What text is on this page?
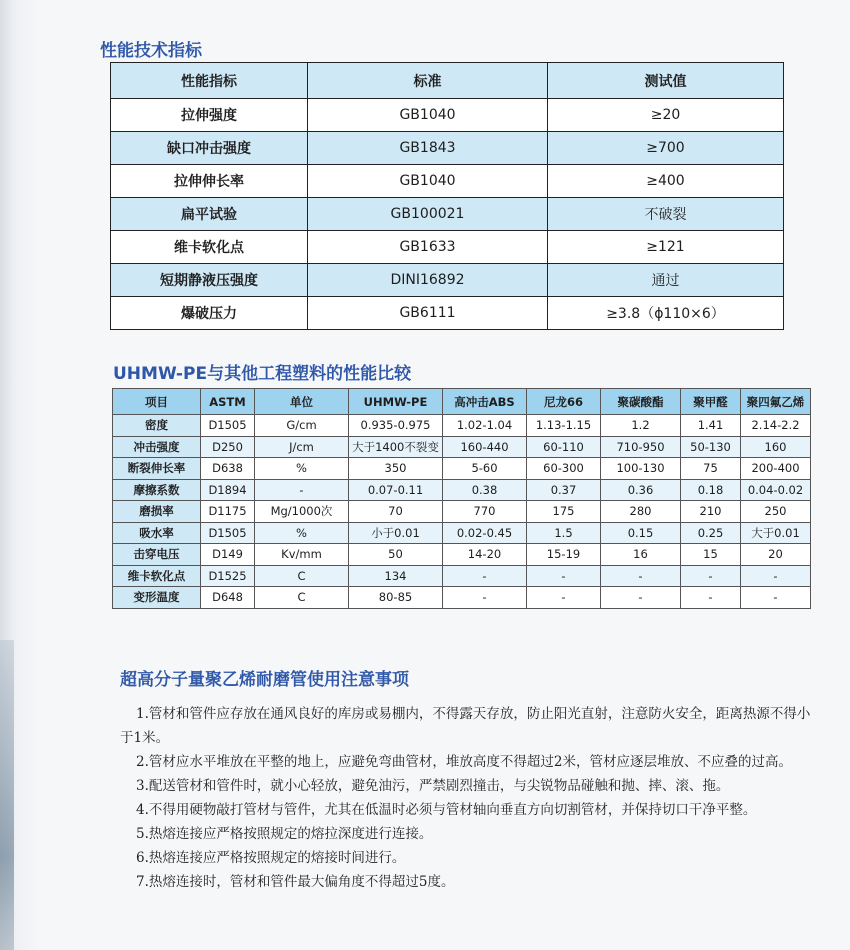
性能技术指标
性能指标	标准	测试值
拉伸强度	GB1040	≥20
缺口冲击强度	GB1843	≥700
拉伸伸长率	GB1040	≥400
扁平试验	GB100021	不破裂
维卡软化点	GB1633	≥121
短期静液压强度	DINI16892	通过
爆破压力	GB6111	≥3.8（ϕ110×6）
UHMW-PE与其他工程塑料的性能比较
项目	ASTM	单位	UHMW-PE	高冲击ABS	尼龙66	聚碳酸酯	聚甲醛	聚四氟乙烯
密度	D1505	G/cm	0.935-0.975	1.02-1.04	1.13-1.15	1.2	1.41	2.14-2.2
冲击强度	D250	J/cm	大于1400不裂变	160-440	60-110	710-950	50-130	160
断裂伸长率	D638	%	350	5-60	60-300	100-130	75	200-400
摩擦系数	D1894	-	0.07-0.11	0.38	0.37	0.36	0.18	0.04-0.02
磨损率	D1175	Mg/1000次	70	770	175	280	210	250
吸水率	D1505	%	小于0.01	0.02-0.45	1.5	0.15	0.25	大于0.01
击穿电压	D149	Kv/mm	50	14-20	15-19	16	15	20
维卡软化点	D1525	C	134	-	-	-	-	-
变形温度	D648	C	80-85	-	-	-	-	-
超高分子量聚乙烯耐磨管使用注意事项

1.管材和管件应存放在通风良好的库房或易棚内，不得露天存放，防止阳光直射，注意防火安全，距离热源不得小于1米。

2.管材应水平堆放在平整的地上，应避免弯曲管材，堆放高度不得超过2米，管材应逐层堆放、不应叠的过高。

3.配送管材和管件时，就小心轻放，避免油污，严禁剧烈撞击，与尖锐物品碰触和抛、摔、滚、拖。

4.不得用硬物敲打管材与管件，尤其在低温时必须与管材轴向垂直方向切割管材，并保持切口干净平整。

5.热熔连接应严格按照规定的熔拉深度进行连接。

6.热熔连接应严格按照规定的熔接时间进行。

7.热熔连接时，管材和管件最大偏角度不得超过5度。
